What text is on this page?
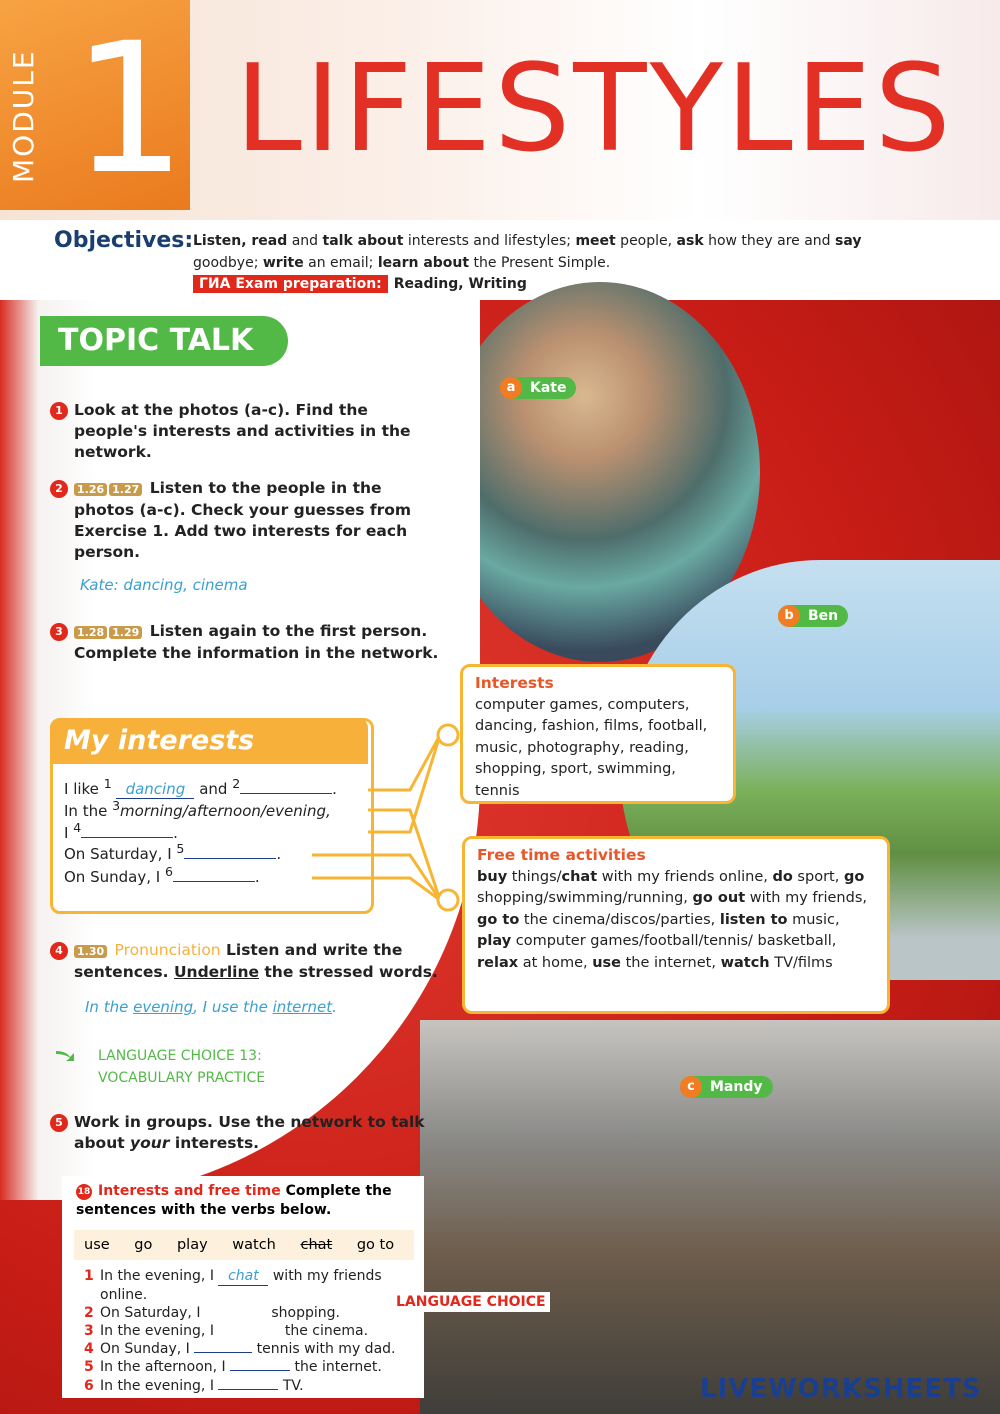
MODULE 1 LIFESTYLES
Objectives: Listen, read and talk about interests and lifestyles; meet people, ask how they are and say
goodbye; write an email; learn about the Present Simple.
ГИА Exam preparation: Reading, Writing
TOPIC TALK
1 Look at the photos (a-c). Find the people's interests and activities in the network.
2 1.26 1.27 Listen to the people in the photos (a-c). Check your guesses from Exercise 1. Add two interests for each person.
Kate: dancing, cinema
3 1.28 1.29 Listen again to the first person. Complete the information in the network.
My interests
I like $^1$ dancing and $^2$	.
In the $^3$morning/afternoon/evening,
I $^4$	.
On Saturday, I $^5$	.
On Sunday, I $^6$	.
4 1.30 Pronunciation Listen and write the sentences. Underline the stressed words.
In the evening, I use the internet.
LANGUAGE CHOICE 13:
VOCABULARY PRACTICE
5 Work in groups. Use the network to talk about your interests.
a	Kate
b	Ben
c	Mandy
Interests
computer games, computers, dancing, fashion, films, football, music, photography, reading, shopping, sport, swimming, tennis
Free time activities
buy things/chat with my friends online, do sport, go shopping/swimming/running, go out with my friends, go to the cinema/discos/parties, listen to music, play computer games/football/tennis/ basketball, relax at home, use the internet, watch TV/films
18 Interests and free time Complete the sentences with the verbs below.
use go play watch chat go to
1 In the evening, I chat with my friends online.
2 On Saturday, I	shopping.
3 In the evening, I	the cinema.
4 On Sunday, I	tennis with my dad.
5 In the afternoon, I	the internet.
6 In the evening, I	TV.
LANGUAGE CHOICE
LIVEWORKSHEETS
